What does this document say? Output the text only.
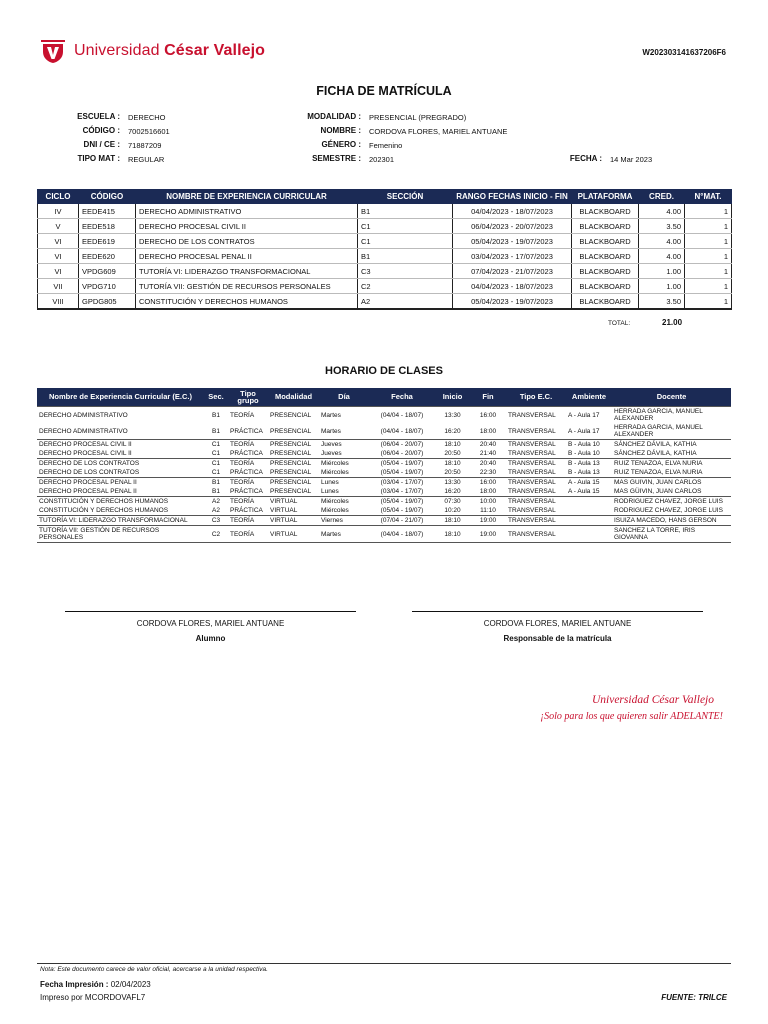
Universidad César Vallejo	W202303141637206F6
FICHA DE MATRÍCULA
ESCUELA : DERECHO
CÓDIGO : 7002516601
DNI / CE : 71887209
TIPO MAT : REGULAR
MODALIDAD : PRESENCIAL (PREGRADO)
NOMBRE : CORDOVA FLORES, MARIEL ANTUANE
GÉNERO : Femenino
SEMESTRE : 202301	FECHA : 14 Mar 2023
CICLO	CÓDIGO	NOMBRE DE EXPERIENCIA CURRICULAR	SECCIÓN	RANGO FECHAS INICIO - FIN	PLATAFORMA	CRED.	N°MAT.
IV	EEDE415	DERECHO ADMINISTRATIVO	B1	04/04/2023 - 18/07/2023	BLACKBOARD	4.00	1
V	EEDE518	DERECHO PROCESAL CIVIL II	C1	06/04/2023 - 20/07/2023	BLACKBOARD	3.50	1
VI	EEDE619	DERECHO DE LOS CONTRATOS	C1	05/04/2023 - 19/07/2023	BLACKBOARD	4.00	1
VI	EEDE620	DERECHO PROCESAL PENAL II	B1	03/04/2023 - 17/07/2023	BLACKBOARD	4.00	1
VI	VPDG609	TUTORÍA VI: LIDERAZGO TRANSFORMACIONAL	C3	07/04/2023 - 21/07/2023	BLACKBOARD	1.00	1
VII	VPDG710	TUTORÍA VII: GESTIÓN DE RECURSOS PERSONALES	C2	04/04/2023 - 18/07/2023	BLACKBOARD	1.00	1
VIII	GPDG805	CONSTITUCIÓN Y DERECHOS HUMANOS	A2	05/04/2023 - 19/07/2023	BLACKBOARD	3.50	1
TOTAL:	21.00
HORARIO DE CLASES
Nombre de Experiencia Curricular (E.C.)	Sec.	Tipo grupo	Modalidad	Día	Fecha	Inicio	Fin	Tipo E.C.	Ambiente	Docente
DERECHO ADMINISTRATIVO	B1	TEORÍA	PRESENCIAL	Martes	(04/04 - 18/07)	13:30	16:00	TRANSVERSAL	A - Aula 17	HERRADA GARCIA, MANUEL ALEXANDER
DERECHO ADMINISTRATIVO	B1	PRÁCTICA	PRESENCIAL	Martes	(04/04 - 18/07)	16:20	18:00	TRANSVERSAL	A - Aula 17	HERRADA GARCIA, MANUEL ALEXANDER
DERECHO PROCESAL CIVIL II	C1	TEORÍA	PRESENCIAL	Jueves	(06/04 - 20/07)	18:10	20:40	TRANSVERSAL	B - Aula 10	SÁNCHEZ DÁVILA, KATHIA
DERECHO PROCESAL CIVIL II	C1	PRÁCTICA	PRESENCIAL	Jueves	(06/04 - 20/07)	20:50	21:40	TRANSVERSAL	B - Aula 10	SÁNCHEZ DÁVILA, KATHIA
DERECHO DE LOS CONTRATOS	C1	TEORÍA	PRESENCIAL	Miércoles	(05/04 - 19/07)	18:10	20:40	TRANSVERSAL	B - Aula 13	RUIZ TENAZOA, ELVA NURIA
DERECHO DE LOS CONTRATOS	C1	PRÁCTICA	PRESENCIAL	Miércoles	(05/04 - 19/07)	20:50	22:30	TRANSVERSAL	B - Aula 13	RUIZ TENAZOA, ELVA NURIA
DERECHO PROCESAL PENAL II	B1	TEORÍA	PRESENCIAL	Lunes	(03/04 - 17/07)	13:30	16:00	TRANSVERSAL	A - Aula 15	MAS GUIVIN, JUAN CARLOS
DERECHO PROCESAL PENAL II	B1	PRÁCTICA	PRESENCIAL	Lunes	(03/04 - 17/07)	16:20	18:00	TRANSVERSAL	A - Aula 15	MAS GÜIVIN, JUAN CARLOS
CONSTITUCIÓN Y DERECHOS HUMANOS	A2	TEORÍA	VIRTUAL	Miércoles	(05/04 - 19/07)	07:30	10:00	TRANSVERSAL		RODRIGUEZ CHAVEZ, JORGE LUIS
CONSTITUCIÓN Y DERECHOS HUMANOS	A2	PRÁCTICA	VIRTUAL	Miércoles	(05/04 - 19/07)	10:20	11:10	TRANSVERSAL		RODRIGUEZ CHAVEZ, JORGE LUIS
TUTORÍA VI: LIDERAZGO TRANSFORMACIONAL	C3	TEORÍA	VIRTUAL	Viernes	(07/04 - 21/07)	18:10	19:00	TRANSVERSAL		ISUIZA MACEDO, HANS GERSON
TUTORÍA VII: GESTIÓN DE RECURSOS PERSONALES	C2	TEORÍA	VIRTUAL	Martes	(04/04 - 18/07)	18:10	19:00	TRANSVERSAL		SANCHEZ LA TORRE, IRIS GIOVANNA
CORDOVA FLORES, MARIEL ANTUANE
Alumno
CORDOVA FLORES, MARIEL ANTUANE
Responsable de la matrícula
Universidad César Vallejo
¡Solo para los que quieren salir ADELANTE!
Nota: Este documento carece de valor oficial, acercarse a la unidad respectiva.
Fecha Impresión : 02/04/2023
Impreso por MCORDOVAFL7	FUENTE: TRILCE
